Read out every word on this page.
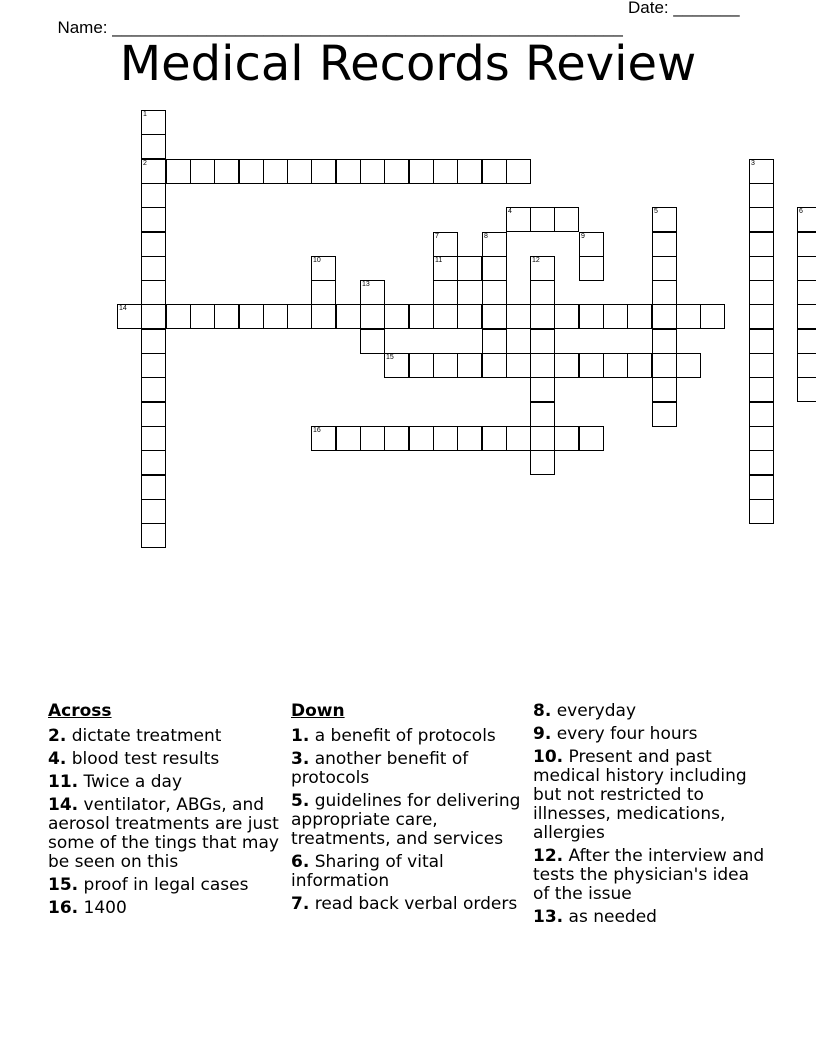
Name: ______________________________________________________

Date: _______

Medical Records Review
1
2	3
4	5	6
7
11
8	9
10	12
13
14
15
16
Across
2. dictate treatment
4. blood test results
11. Twice a day
14. ventilator, ABGs, and aerosol treatments are just some of the tings that may be seen on this
15. proof in legal cases
16. 1400
Down
1. a benefit of protocols
3. another benefit of protocols
5. guidelines for delivering appropriate care, treatments, and services
6. Sharing of vital information
7. read back verbal orders
8. everyday
9. every four hours
10. Present and past medical history including but not restricted to illnesses, medications, allergies
12. After the interview and tests the physician's idea of the issue
13. as needed
